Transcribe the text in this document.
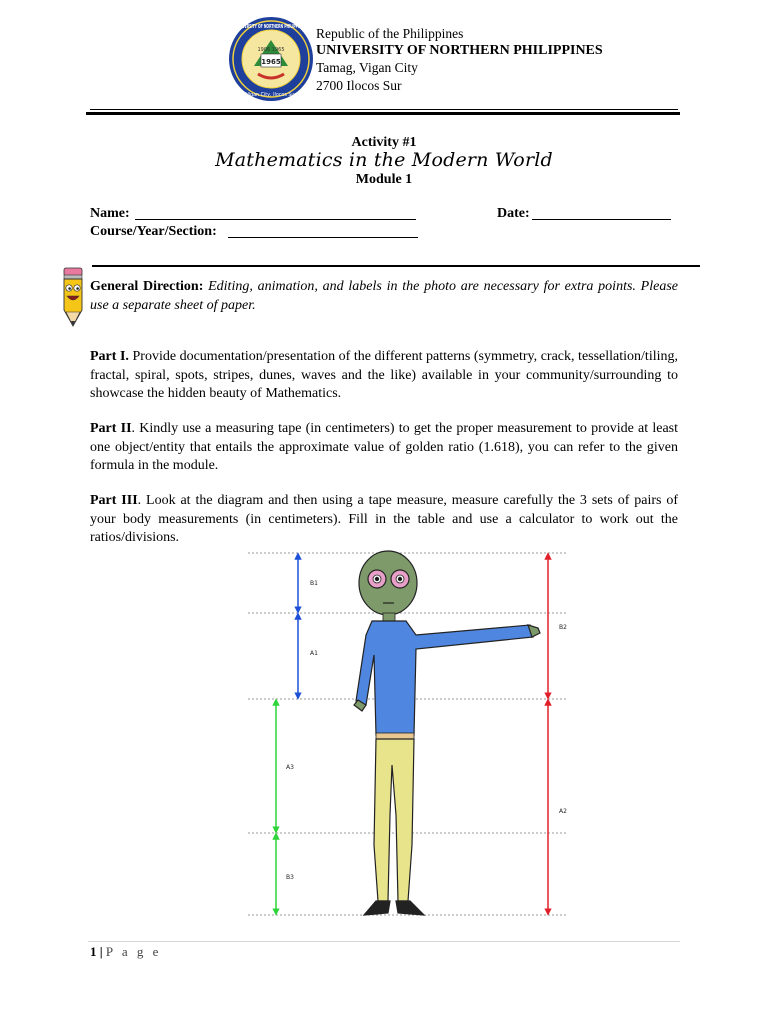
1965
1906 1965
UNIVERSITY OF NORTHERN PHILIPPINES
Vigan City, Ilocos Sur
Republic of the Philippines
UNIVERSITY OF NORTHERN PHILIPPINES
Tamag, Vigan City
2700 Ilocos Sur
Activity #1
Mathematics in the Modern World
Module 1
Name:	Date:
Course/Year/Section:
General Direction: Editing, animation, and labels in the photo are necessary for extra points. Please use a separate sheet of paper.
Part I. Provide documentation/presentation of the different patterns (symmetry, crack, tessellation/tiling, fractal, spiral, spots, stripes, dunes, waves and the like) available in your community/surrounding to showcase the hidden beauty of Mathematics.
Part II. Kindly use a measuring tape (in centimeters) to get the proper measurement to provide at least one object/entity that entails the approximate value of golden ratio (1.618), you can refer to the given formula in the module.
Part III. Look at the diagram and then using a tape measure, measure carefully the 3 sets of pairs of your body measurements (in centimeters). Fill in the table and use a calculator to work out the ratios/divisions.
B1
A1
B2
A2
A3
B3
1 | P a g e
